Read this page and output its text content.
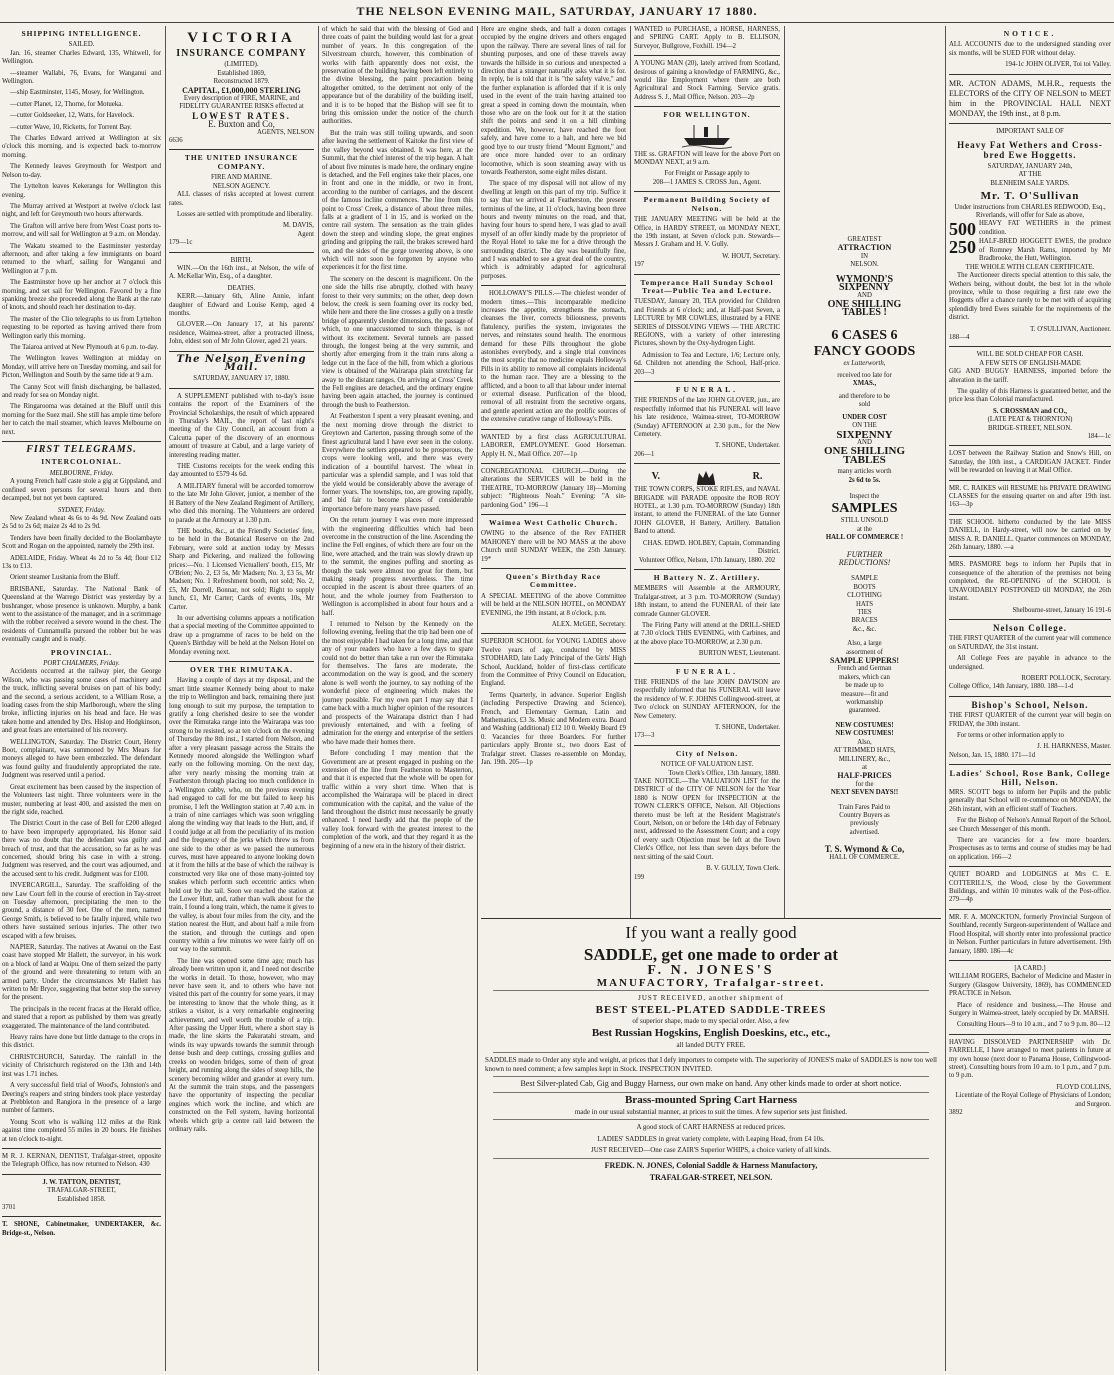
THE NELSON EVENING MAIL, SATURDAY, JANUARY 17 1880.
SHIPPING INTELLIGENCE.
SAILED.

Jan. 16, steamer Charles Edward, 135, Whitwell, for Wellington.

—steamer Wallabi, 76, Evans, for Wanganui and Wellington.

—ship Eastminster, 1145, Mosey, for Wellington.

—cutter Planet, 12, Thorne, for Motueka.

—cutter Goldseeker, 12, Watts, for Havelock.

—cutter Wave, 10, Ricketts, for Torrent Bay.

The Charles Edward arrived at Wellington at six o'clock this morning, and is expected back to-morrow morning.

The Kennedy leaves Greymouth for Westport and Nelson to-day.

The Lyttelton leaves Kekerangu for Wellington this evening.

The Murray arrived at Westport at twelve o'clock last night, and left for Greymouth two hours afterwards.

The Grafton will arrive here from West Coast ports to-morrow, and will sail for Wellington at 9 a.m. on Monday.

The Wakatu steamed to the Eastminster yesterday afternoon, and after taking a few immigrants on board returned to the wharf, sailing for Wanganui and Wellington at 7 p.m.

The Eastminster hove up her anchor at 7 o'clock this morning, and set sail for Wellington. Favored by a fine spanking breeze she proceeded along the Bank at the rate of knots, and should reach her destination to-day.

The master of the Clio telegraphs to us from Lyttelton requesting to be reported as having arrived there from Wellington early this morning.

The Taiaroa arrived at New Plymouth at 6 p.m. to-day.

The Wellington leaves Wellington at midday on Monday, will arrive here on Tuesday morning, and sail for Picton, Wellington and South by the same tide at 9 a.m.

The Canny Scot will finish discharging, be ballasted, and ready for sea on Monday night.

The Ringarooma was detained at the Bluff until this morning for the Suez mail. She still has ample time before her to catch the mail steamer, which leaves Melbourne on next.

FIRST TELEGRAMS.
INTERCOLONIAL.
MELBOURNE, Friday.

A young French half caste stole a gig at Gippsland, and confined seven persons for several hours and then decamped, but not yet been captured.

SYDNEY, Friday.

New Zealand wheat 4s 6s to 4s 9d. New Zealand oats 2s 5d to 2s 6d; maize 2s 4d to 2s 9d.

Tenders have been finally decided to the Boolambayte Scott and Rogan on the appointed, namely the 29th inst.

ADELAIDE, Friday. Wheat 4s 2d to 5s 4d; flour £12 13s to £13.

Orient steamer Lusitania from the Bluff.

BRISBANE, Saturday. The National Bank of Queensland at the Warrego District was yesterday by a bushranger, whose presence is unknown. Murphy, a bank went to the assistance of the manager, and in a scrimmage with the robber received a severe wound in the chest. The residents of Cunnamulla pursued the robber but he was eventually caught and is ready.

PROVINCIAL.
PORT CHALMERS, Friday.

Accidents occurred at the railway pier, the George Wilson, who was passing some cases of machinery and the truck, inflicting several bruises on part of his body; and the second, a serious accident, to a William Rose, a loading cases from the ship Marlborough, where the sling broke, inflicting injuries on his head and face. He was taken home and attended by Drs. Hislop and Hodgkinson, and great fears are entertained of his recovery.

WELLINGTON, Saturday. The District Court, Henry Boot, complainant, was summoned by Mrs Mears for moneys alleged to have been embezzled. The defendant was found guilty and fraudulently appropriated the rate. Judgment was reserved until a period.

Great excitement has been caused by the inspection of the Volunteers last night. Three volunteers were in the muster, numbering at least 400, and assisted the men on the right side, reached.

The District Court in the case of Bell for £200 alleged to have been improperly appropriated, his Honor said there was no doubt that the defendant was guilty and breach of trust, and that the accusation, so far as he was concerned, should bring his case in with a strong. Judgment was reserved, and the court was adjourned, and the accused sent to his credit. Judgment was for £100.

INVERCARGILL, Saturday. The scaffolding of the new Law Court fell in the course of erection in Tay-street on Tuesday afternoon, precipitating the men to the ground, a distance of 30 feet. One of the men, named George Smith, is believed to be fatally injured, while two others have sustained serious injuries. The other two escaped with a few bruises.

NAPIER, Saturday. The natives at Awanui on the East coast have stopped Mr Hallett, the surveyor, in his work on a block of land at Waipu. One of them seized the party of the ground and were threatening to return with an armed party. Under the circumstances Mr Hallett has written to Mr Bryce, suggesting that better stop the survey for the present.

The principals in the recent fracas at the Herald office, and stated that a report as published by them was greatly exaggerated. The maintenance of the land contributed.

Heavy rains have done but little damage to the crops in this district.

CHRISTCHURCH, Saturday. The rainfall in the vicinity of Christchurch registered on the 13th and 14th inst was 1.71 inches.

A very successful field trial of Wood's, Johnston's and Deering's reapers and string binders took place yesterday at Prebbleton and Rangiora in the presence of a large number of farmers.

Young Scott who is walking 112 miles at the Rink against time completed 55 miles in 20 hours. He finishes at ten o'clock to-night.

M R. J. KERNAN, DENTIST, Trafalgar-street, opposite the Telegraph Office, has now returned to Nelson. 430

J. W. TATTON, DENTIST,
TRAFALGAR-STREET,
Established 1858.
3701

T. SHONE, Cabinetmaker, UNDERTAKER, &c. Bridge-st., Nelson.

VICTORIA
INSURANCE COMPANY
(LIMITED).
Established 1869,
Reconstructed 1879.
CAPITAL, £1,000,000 STERLING
Every description of FIRE, MARINE, and FIDELITY GUARANTEE RISKS effected at
LOWEST RATES.
E. Buxton and Co,
AGENTS, NELSON
6636
THE UNITED INSURANCE COMPANY.
FIRE AND MARINE.
NELSON AGENCY.

ALL classes of risks accepted at lowest current rates.

Losses are settled with promptitude and liberality.

M. DAVIS,
Agent
179—1c
BIRTH.

WIN.—On the 16th inst., at Nelson, the wife of A. McKellar Win, Esq., of a daughter.

DEATHS.

KERR.—January 6th, Aline Annie, infant daughter of Edward and Louise Kemp, aged 4 months.

GLOVER.—On January 17, at his parents' residence, Waimea-street, after a protracted illness, John, eldest son of Mr John Glover, aged 21 years.

The Nelson Evening Mail.
SATURDAY, JANUARY 17, 1880.

A SUPPLEMENT published with to-day's issue contains the report of the Examiners of the Provincial Scholarships, the result of which appeared in Thursday's MAIL, the report of last night's meeting of the City Council, an account from a Calcutta paper of the discovery of an enormous amount of treasure at Cabul, and a large variety of interesting reading matter.

THE Customs receipts for the week ending this day amounted to £579 4s 6d.

A MILITARY funeral will be accorded tomorrow to the late Mr John Glover, junior, a member of the H Battery of the New Zealand Regiment of Artillery, who died this morning. The Volunteers are ordered to parade at the Armoury at 1.30 p.m.

THE booths, &c., at the Friendly Societies' fete, to be held in the Botanical Reserve on the 2nd February, were sold at auction today by Messrs Sharp and Pickering, and realized the following prices:—No. 1 Licensed Victuallers' booth, £15, Mr O'Brien; No. 2, £3 5s, Mr Madsen; No. 3, £3 5s, Mr Madsen; No. 1 Refreshment booth, not sold; No. 2, £5, Mr Dorrell, Bonnar, not sold; Right to supply lunch, £1, Mr Carter; Cards of events, 10s, Mr Carter.

In our advertising columns appears a notification that a special meeting of the Committee appointed to draw up a programme of races to be held on the Queen's Birthday will be held at the Nelson Hotel on Monday evening next.

OVER THE RIMUTAKA.

Having a couple of days at my disposal, and the smart little steamer Kennedy being about to make the trip to Wellington and back, remaining there just long enough to suit my purpose, the temptation to gratify a long cherished desire to see the wonder over the Rimutaka range into the Wairarapa was too strong to be resisted, so at ten o'clock on the evening of Thursday the 8th inst., I started from Nelson, and after a very pleasant passage across the Straits the Kennedy moored alongside the Wellington wharf early on the following morning. On the next day, after very nearly missing the morning train at Featherston through placing too much confidence in a Wellington cabby, who, on the previous evening had engaged to call for me but failed to keep his promise, I left the Wellington station at 7.40 a.m. in a train of nine carriages which was soon wriggling along the winding way that leads to the Hutt, and, if I could judge at all from the peculiarity of its motion and the frequency of the jerks which threw us from one side to the other as we passed the numerous curves, must have appeared to anyone looking down at it from the hills at the base of which the railway is constructed very like one of those many-jointed toy snakes which perform such eccentric antics when held out by the tail. Soon we reached the station at the Lower Hutt, and, rather than walk about for the train, I found a long train, which, the name it gives to the valley, is about four miles from the city, and the station nearest the Hutt, and about half a mile from the station, and through the cuttings and open country within a few minutes we were fairly off on our way to the summit.

The line was opened some time ago; much has already been written upon it, and I need not describe the works in detail. To those, however, who may never have seen it, and to others who have not visited this part of the country for some years, it may be interesting to know that the whole thing, as it strikes a visitor, is a very remarkable engineering achievement, and well worth the trouble of a trip. After passing the Upper Hutt, where a short stay is made, the line skirts the Pakuratahi stream, and winds its way upwards towards the summit through dense bush and deep cuttings, crossing gullies and creeks on wooden bridges, some of them of great height, and running along the sides of steep hills, the scenery becoming wilder and grander at every turn. At the summit the train stops, and the passengers have the opportunity of inspecting the peculiar engines which work the incline, and which are constructed on the Fell system, having horizontal wheels which grip a centre rail laid between the ordinary rails.

of which he said that with the blessing of God and three coats of paint the building would last for a great number of years. In this congregation of the Silverstream church, however, this combination of works with faith apparently does not exist, the preservation of the building having been left entirely to the divine blessing, the paint precaution being altogether omitted, to the detriment not only of the appearance but of the durability of the building itself, and it is to be hoped that the Bishop will see fit to bring this omission under the notice of the church authorities.

But the train was still toiling upwards, and soon after leaving the settlement of Kaitoke the first view of the valley beyond was obtained. It was here, at the Summit, that the chief interest of the trip began. A halt of about five minutes is made here, the ordinary engine is detached, and the Fell engines take their places, one in front and one in the middle, or two in front, according to the number of carriages, and the descent of the famous incline commences. The line from this point to Cross' Creek, a distance of about three miles, falls at a gradient of 1 in 15, and is worked on the centre rail system. The sensation as the train glides down the steep and winding slope, the great engines grinding and gripping the rail, the brakes screwed hard on, and the sides of the gorge towering above, is one which will not soon be forgotten by anyone who experiences it for the first time.

The scenery on the descent is magnificent. On the one side the hills rise abruptly, clothed with heavy forest to their very summits; on the other, deep down below, the creek is seen foaming over its rocky bed, while here and there the line crosses a gully on a trestle bridge of apparently slender dimensions, the passage of which, to one unaccustomed to such things, is not without its excitement. Several tunnels are passed through, the longest being at the very summit, and shortly after emerging from it the train runs along a ledge cut in the face of the hill, from which a glorious view is obtained of the Wairarapa plain stretching far away to the distant ranges. On arriving at Cross' Creek the Fell engines are detached, and the ordinary engine having been again attached, the journey is continued through the bush to Featherston.

At Featherston I spent a very pleasant evening, and the next morning drove through the district to Greytown and Carterton, passing through some of the finest agricultural land I have ever seen in the colony. Everywhere the settlers appeared to be prosperous, the crops were looking well, and there was every indication of a bountiful harvest. The wheat in particular was a splendid sample, and I was told that the yield would be considerably above the average of former years. The townships, too, are growing rapidly, and bid fair to become places of considerable importance before many years have passed.

On the return journey I was even more impressed with the engineering difficulties which had been overcome in the construction of the line. Ascending the incline the Fell engines, of which there are four on the line, were attached, and the train was slowly drawn up to the summit, the engines puffing and snorting as though the task were almost too great for them, but making steady progress nevertheless. The time occupied in the ascent is about three quarters of an hour, and the whole journey from Featherston to Wellington is accomplished in about four hours and a half.

I returned to Nelson by the Kennedy on the following evening, feeling that the trip had been one of the most enjoyable I had taken for a long time, and that any of your readers who have a few days to spare could not do better than take a run over the Rimutaka for themselves. The fares are moderate, the accommodation on the way is good, and the scenery alone is well worth the journey, to say nothing of the wonderful piece of engineering which makes the journey possible. For my own part I may say that I came back with a much higher opinion of the resources and prospects of the Wairarapa district than I had previously entertained, and with a feeling of admiration for the energy and enterprise of the settlers who have made their homes there.

Before concluding I may mention that the Government are at present engaged in pushing on the extension of the line from Featherston to Masterton, and that it is expected that the whole will be open for traffic within a very short time. When that is accomplished the Wairarapa will be placed in direct communication with the capital, and the value of the land throughout the district must necessarily be greatly enhanced. I need hardly add that the people of the valley look forward with the greatest interest to the completion of the work, and that they regard it as the beginning of a new era in the history of their district.

Here are engine sheds, and half a dozen cottages occupied by the engine drivers and others engaged upon the railway. There are several lines of rail for shunting purposes, and one of these travels away towards the hillside in so curious and unexpected a direction that a stranger naturally asks what it is for. In reply, he is told that it is "the safety valve," and the further explanation is afforded that if it is only used in the event of the train having attained too great a speed in coming down the mountain, when those who are on the look out for it at the station shift the points and send it on a hill climbing expedition. We, however, have reached the foot safely, and have come to a halt, and here we bid good bye to our trusty friend "Mount Egmont," and are once more handed over to an ordinary locomotive, which is soon steaming away with us towards Featherston, some eight miles distant.

The space of my disposal will not allow of my dwelling at length on this part of my trip. Suffice it to say that we arrived at Featherston, the present terminus of the line, at 11 o'clock, having been three hours and twenty minutes on the road, and that, having four hours to spend here, I was glad to avail myself of an offer kindly made by the proprietor of the Royal Hotel to take me for a drive through the surrounding district. The day was beautifully fine, and I was enabled to see a great deal of the country, which is admirably adapted for agricultural purposes.

HOLLOWAY'S PILLS.—The chiefest wonder of modern times.—This incomparable medicine increases the appetite, strengthens the stomach, cleanses the liver, corrects biliousness, prevents flatulency, purifies the system, invigorates the nerves, and reinstates sound health. The enormous demand for these Pills throughout the globe astonishes everybody, and a single trial convinces the most sceptic that no medicine equals Holloway's Pills in its ability to remove all complaints incidental to the human race. They are a blessing to the afflicted, and a boon to all that labour under internal or external disease. Purification of the blood, removal of all restraint from the secretive organs, and gentle aperient action are the prolific sources of the extensive curative range of Holloway's Pills.

WANTED by a first class AGRICULTURAL LABORER, EMPLOYMENT. Good Horseman. Apply H. N., Mail Office. 207—1p

CONGREGATIONAL CHURCH.—During the alterations the SERVICES will be held in the THEATRE, TO-MORROW (January 18)—Morning subject: "Righteous Noah." Evening: "A sin-pardoning God." 196—1

Waimea West Catholic Church.

OWING to the absence of the Rev FATHER MAHONEY there will be NO MASS at the above Church until SUNDAY WEEK, the 25th January. 19*

Queen's Birthday Race Committee.

A SPECIAL MEETING of the above Committee will be held at the NELSON HOTEL, on MONDAY EVENING, the 19th instant, at 8 o'clock, p.m.

ALEX. McGEE, Secretary.

SUPERIOR SCHOOL for YOUNG LADIES above Twelve years of age, conducted by MISS STODHARD, late Lady Principal of the Girls' High School, Auckland, holder of first-class certificate from the Committee of Privy Council on Education, England.

Terms Quarterly, in advance. Superior English (including Perspective Drawing and Science), French, and Elementary German, Latin and Mathematics, £3 3s. Music and Modern extra. Board and Washing (additional) £12 10 0. Weekly Board £9 0. Vacancies for three Boarders. For further particulars apply Bronte st., two doors East of Trafalgar street. Classes re-assemble on Monday, Jan. 19th. 205—1p

WANTED to PURCHASE, a HORSE, HARNESS, and SPRING CART. Apply to B. ELLISON, Surveyor, Bullgrove, Foxhill. 194—2

A YOUNG MAN (20), lately arrived from Scotland, desirous of gaining a knowledge of FARMING, &c., would like Employment where there are both Agricultural and Stock Farming. Service gratis. Address S. J., Mail Office, Nelson. 203—2p

FOR WELLINGTON.

THE ss. GRAFTON will leave for the above Port on MONDAY NEXT, at 9 a.m.

For Freight or Passage apply to
208—1 JAMES S. CROSS Jun., Agent.
Permanent Building Society of Nelson.

THE JANUARY MEETING will be held at the Office, in HARDY STREET, on MONDAY NEXT, the 19th instant, at Seven o'clock p.m. Stewards—Messrs J. Graham and H. V. Gully.

W. HOUT, Secretary.
197
Temperance Hall Sunday School Treat—Public Tea and Lecture.

TUESDAY, January 20, TEA provided for Children and Friends at 6 o'clock; and, at Half-past Seven, a LECTURE by MR COWLES, illustrated by a FINE SERIES of DISSOLVING VIEWS — THE ARCTIC REGIONS, with a variety of other interesting Pictures, shown by the Oxy-hydrogen Light.

Admission to Tea and Lecture, 1/6; Lecture only, 6d. Children not attending the School, Half-price. 203—3

FUNERAL.

THE FRIENDS of the late JOHN GLOVER, jun., are respectfully informed that his FUNERAL will leave his late residence, Waimea-street, TO-MORROW (Sunday) AFTERNOON at 2.30 p.m., for the New Cemetery.

T. SHONE, Undertaker.
206—1
V.	R.

THE TOWN CORPS, STOKE RIFLES, and NAVAL BRIGADE will PARADE opposite the ROB ROY HOTEL, at 1.30 p.m. TO-MORROW (Sunday) 18th instant, to attend the FUNERAL of the late Gunner JOHN GLOVER, H Battery, Artillery. Battalion Band to attend.

CHAS. EDWD. HOLBEY, Captain, Commanding District.
Volunteer Office, Nelson, 17th January, 1880. 202
H Battery N. Z. Artillery.

MEMBERS will Assemble at the ARMOURY, Trafalgar-street, at 3 p.m. TO-MORROW (Sunday) 18th instant, to attend the FUNERAL of their late comrade Gunner GLOVER.

The Firing Party will attend at the DRILL-SHED at 7.30 o'clock THIS EVENING, with Carbines, and at the above place TO-MORROW, at 2.30 p.m.

BURTON WEST, Lieutenant.
FUNERAL.

THE FRIENDS of the late JOHN DAVISON are respectfully informed that his FUNERAL will leave the residence of W. F. JOHNS Collingwood-street, at Two o'clock on SUNDAY AFTERNOON, for the New Cemetery.

T. SHONE, Undertaker.
173—3
City of Nelson.
NOTICE OF VALUATION LIST.
Town Clerk's Office, 13th January, 1880.

TAKE NOTICE.—The VALUATION LIST for the DISTRICT of the CITY OF NELSON for the Year 1880 is NOW OPEN for INSPECTION at the TOWN CLERK'S OFFICE, Nelson. All Objections thereto must be left at the Resident Magistrate's Court, Nelson, on or before the 14th day of February next, addressed to the Assessment Court; and a copy of every such Objection must be left at the Town Clerk's Office, not less than seven days before the next sitting of the said Court.

B. V. GULLY, Town Clerk.
199
GREATEST
ATTRACTION
IN
NELSON.
WYMOND'S
SIXPENNY
AND
ONE SHILLING
TABLES !
6 CASES 6
FANCY GOODS
ex Lutterworth,
received too late for
XMAS.,
and therefore to be
sold
UNDER COST
ON THE
SIXPENNY
AND
ONE SHILLING
TABLES
many articles worth
2s 6d to 5s.
Inspect the
SAMPLES
STILL UNSOLD
at the
HALL OF COMMERCE !
FURTHER
REDUCTIONS!
SAMPLE
BOOTS
CLOTHING
HATS
TIES
BRACES
&c., &c.
Also, a large
assortment of
SAMPLE UPPERS!
French and German
makers, which can
be made up to
measure—fit and
workmanship
guaranteed.
NEW COSTUMES!
NEW COSTUMES!
Also,
AT TRIMMED HATS,
MILLINERY, &c.,
at
HALF-PRICES
for the
NEXT SEVEN DAYS!!
Train Fares Paid to
Country Buyers as
previously
advertised.
T. S. Wymond & Co,
HALL OF COMMERCE.
NOTICE.

ALL ACCOUNTS due to the undersigned standing over six months, will be SUED FOR without delay.

194-1c JOHN OLIVER, Toi toi Valley.

MR. ACTON ADAMS, M.H.R., requests the ELECTORS of the CITY OF NELSON to MEET him in the PROVINCIAL HALL NEXT MONDAY, the 19th inst., at 8 p.m.

IMPORTANT SALE OF
Heavy Fat Wethers and Cross-bred Ewe Hoggetts.
SATURDAY, JANUARY 24th,
AT THE
BLENHEIM SALE YARDS.
Mr. T. O'Sullivan
Under instructions from CHARLES REDWOOD, Esq., Riverlands, will offer for Sale as above,
500 HEAVY FAT WETHERS in the primest condition.
250 HALF-BRED HOGGETT EWES, the produce of Romney Marsh Rams, imported by Mr Bradbrooke, the Hutt, Wellington.
THE WHOLE WITH CLEAN CERTIFICATE.

The Auctioneer directs special attention to this sale, the Wethers being, without doubt, the best lot in the whole province, while to those requiring a first rate ewe the Hoggetts offer a chance rarely to be met with of acquiring splendidly bred Ewes suitable for the requirements of the district.

T. O'SULLIVAN, Auctioneer.
188—4
WILL BE SOLD CHEAP FOR CASH.
A FEW SETS OF ENGLISH-MADE

GIG AND BUGGY HARNESS, imported before the alteration in the tariff.

The quality of this Harness is guaranteed better, and the price less than Colonial manufactured.

S. CROSSMAN and CO.,
(LATE PEAT & THORNTON)
BRIDGE-STREET, NELSON.
184—1c

LOST between the Railway Station and Snow's Hill, on Saturday, the 10th inst., a CARDIGAN JACKET. Finder will be rewarded on leaving it at Mail Office.

MR. C. RAIKES will RESUME his PRIVATE DRAWING CLASSES for the ensuing quarter on and after 19th inst. 163—3p

THE SCHOOL hitherto conducted by the late MISS DANIELL, in Hardy-street, will now be carried on by MISS A. R. DANIELL. Quarter commences on MONDAY, 26th January, 1880. —a

MRS. PASMORE begs to inform her Pupils that in consequence of the alteration of the premises not being completed, the RE-OPENING of the SCHOOL is UNAVOIDABLY POSTPONED till MONDAY, the 26th instant.

Shelbourne-street, January 16 191-6
Nelson College.

THE FIRST QUARTER of the current year will commence on SATURDAY, the 31st instant.

All College Fees are payable in advance to the undersigned.

ROBERT POLLOCK, Secretary.
College Office, 14th January, 1880. 188—1-d
Bishop's School, Nelson.

THE FIRST QUARTER of the current year will begin on FRIDAY, the 30th instant.

For terms or other information apply to

J. H. HARKNESS, Master.
Nelson, Jan. 15, 1880. 171—1d
Ladies' School, Rose Bank, College Hill, Nelson.

MRS. SCOTT begs to inform her Pupils and the public generally that School will re-commence on MONDAY, the 26th instant, with an efficient staff of Teachers.

For the Bishop of Nelson's Annual Report of the School, see Church Messenger of this month.

There are vacancies for a few more boarders. Prospectuses as to terms and course of studies may be had on application. 166—2

QUIET BOARD and LODGINGS at Mrs C. E. COTTERILL'S, the Wood, close by the Government Buildings, and within 10 minutes walk of the Post-office. 279—4p

MR. F. A. MONCKTON, formerly Provincial Surgeon of Southland, recently Surgeon-superintendent of Wallace and Flood Hospital, will shortly enter into professional practice in Nelson. Further particulars in future advertisement. 19th January, 1880. 186—4c

[A CARD.]

WILLIAM ROGERS, Bachelor of Medicine and Master in Surgery (Glasgow University, 1869), has COMMENCED PRACTICE in Nelson.

Place of residence and business,—The House and Surgery in Waimea-street, lately occupied by Dr. MARSH.

Consulting Hours—9 to 10 a.m., and 7 to 9 p.m. 80—12

HAVING DISSOLVED PARTNERSHIP with Dr. FARRELLE, I have arranged to meet patients in future at my own house (next door to Panama House, Collingwood-street). Consulting hours from 10 a.m. to 1 p.m., and 7 p.m. to 9 p.m.

FLOYD COLLINS,
Licentiate of the Royal College of Physicians of London; and Surgeon.
3892
If you want a really good
SADDLE, get one made to order at
F. N. JONES'S
MANUFACTORY, Trafalgar-street.
JUST RECEIVED, another shipment of
BEST STEEL-PLATED SADDLE-TREES
of superior shape, made to my special order. Also, a few
Best Russian Hogskins, English Doeskins, etc., etc.,
all landed DUTY FREE.
SADDLES made to Order any style and weight, at prices that I defy importers to compete with. The superiority of JONES'S make of SADDLES is now too well known to need comment; a few samples kept in Stock. INSPECTION INVITED.
Best Silver-plated Cab, Gig and Buggy Harness, our own make on hand. Any other kinds made to order at short notice.
Brass-mounted Spring Cart Harness
made in our usual substantial manner, at prices to suit the times. A few superior sets just finished.
A good stock of CART HARNESS at reduced prices.
LADIES' SADDLES in great variety complete, with Leaping Head, from £4 10s.
JUST RECEIVED—One case ZAIR'S Superior WHIPS, a choice variety of all kinds.
FREDK. N. JONES, Colonial Saddle & Harness Manufactory,
TRAFALGAR-STREET, NELSON.
